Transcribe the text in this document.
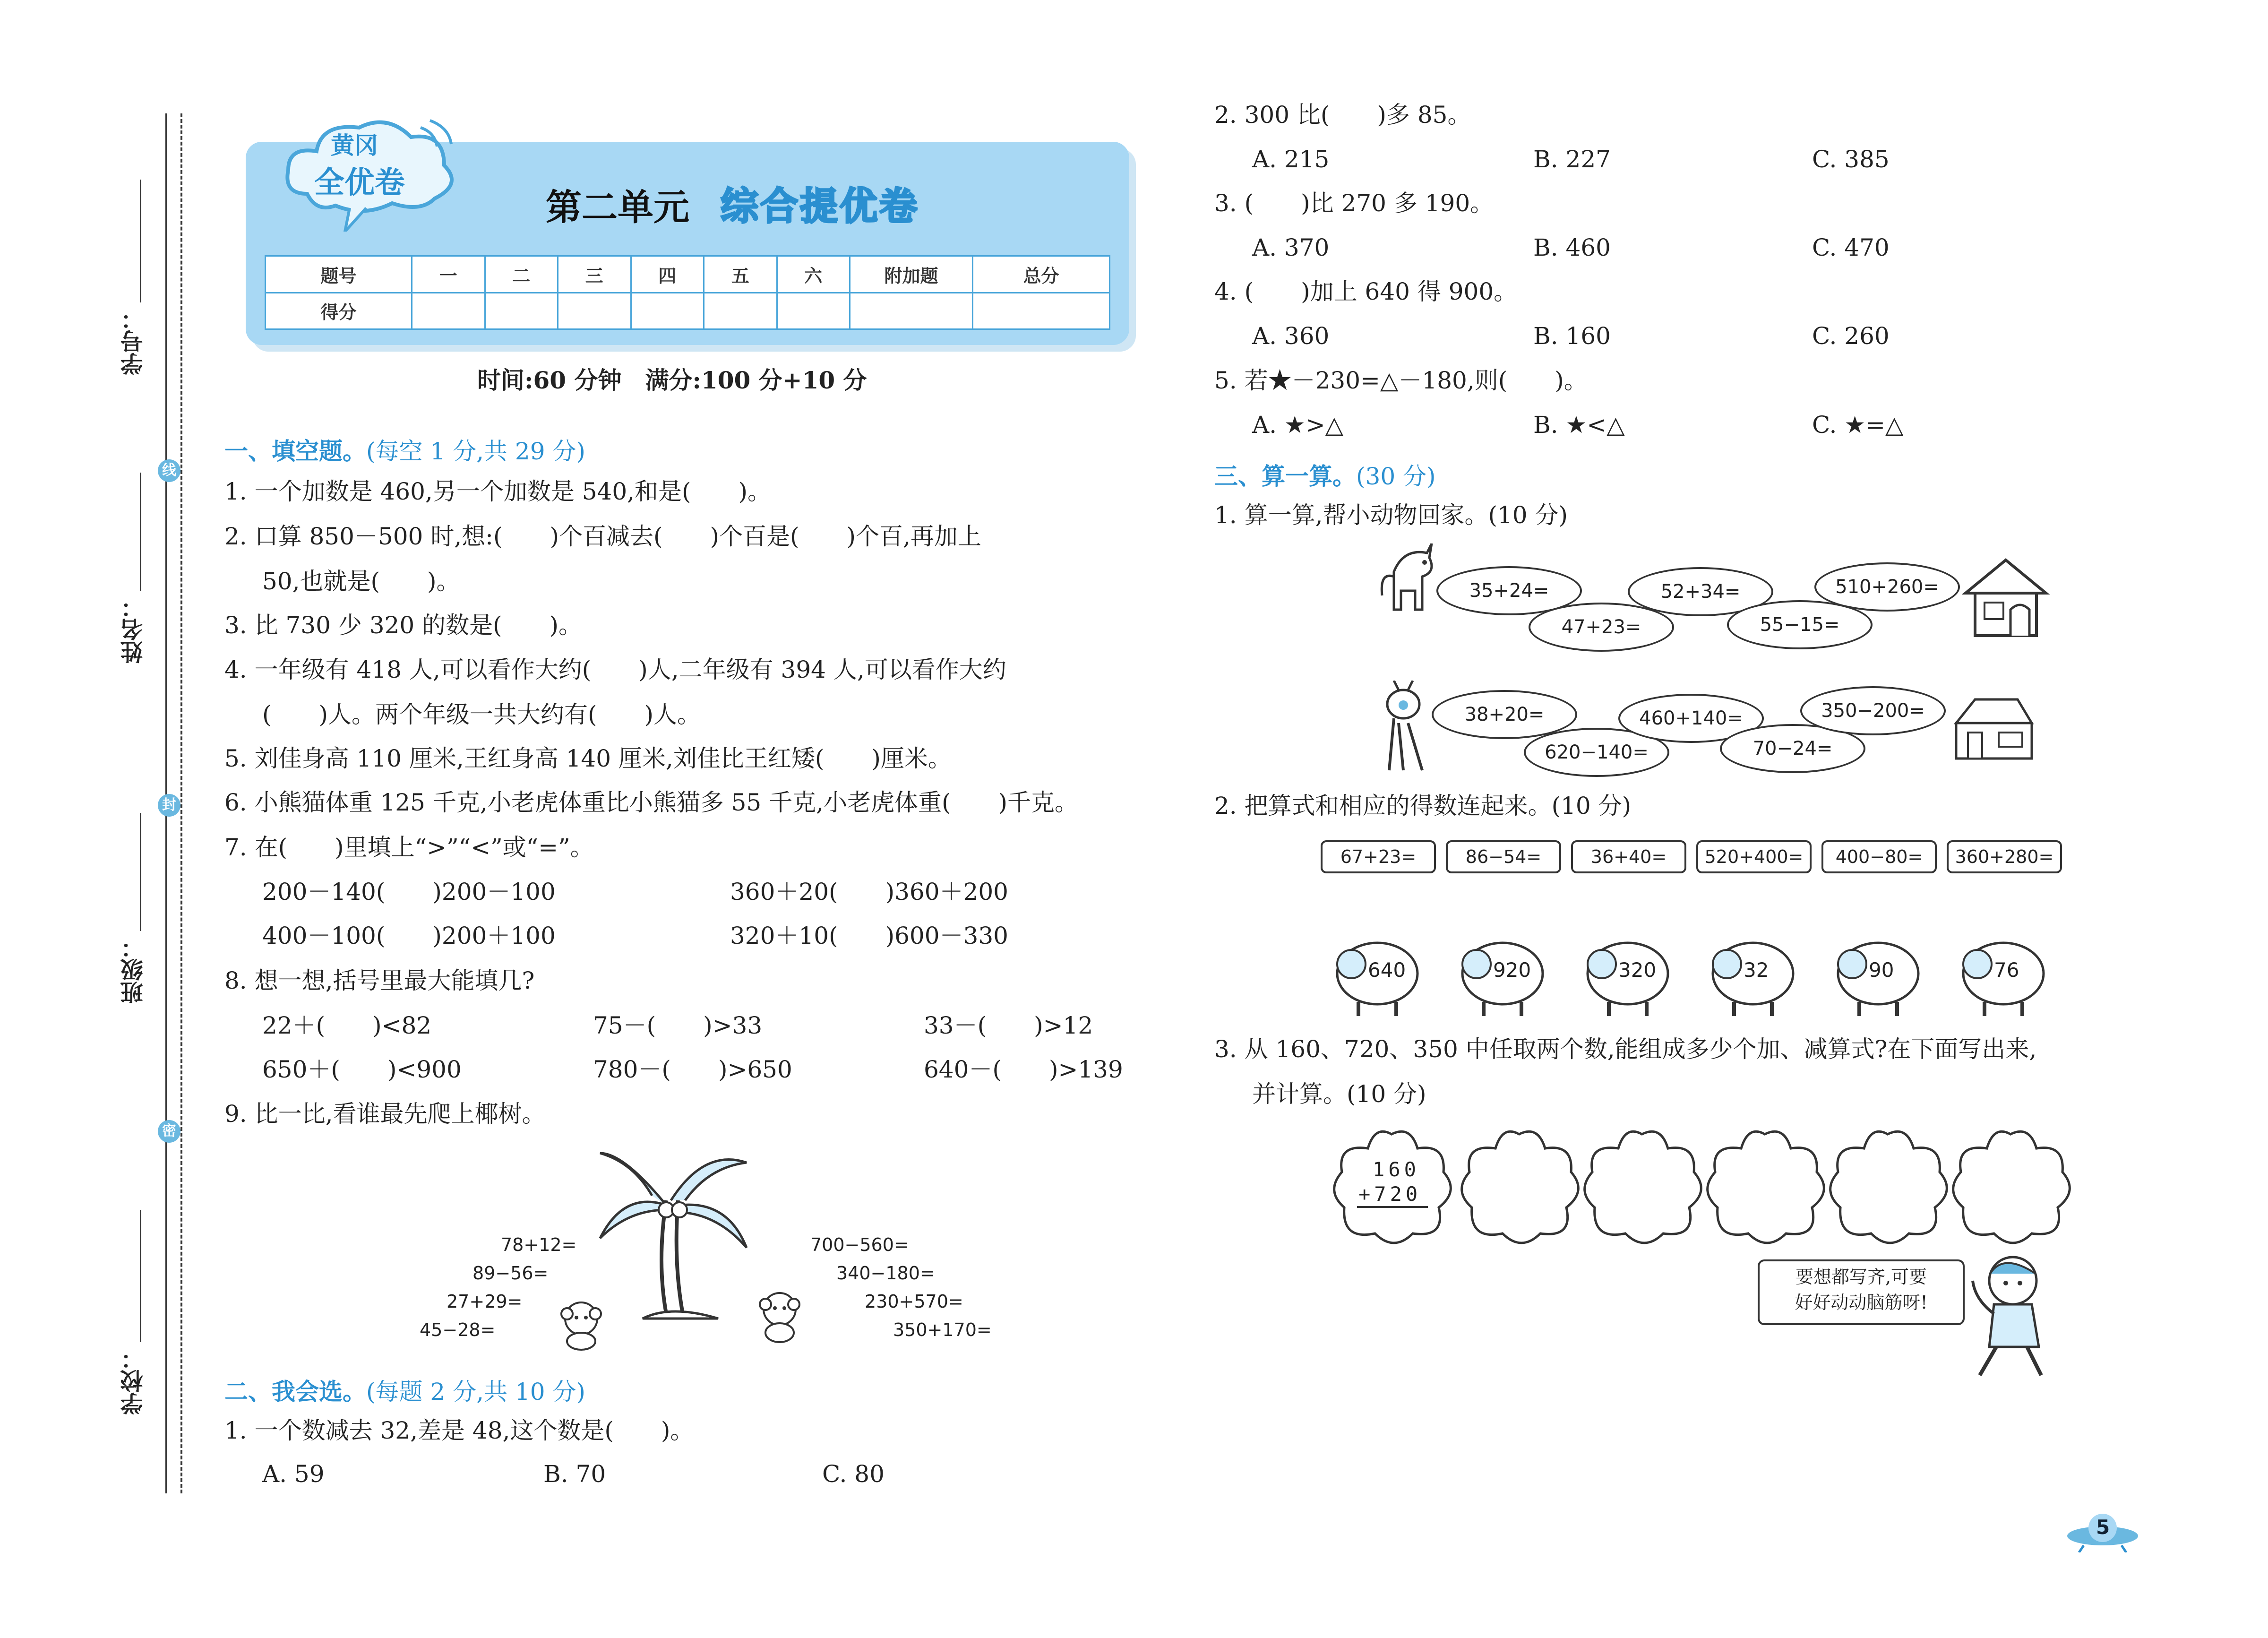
学号：
姓名：
班级：
学校：
线
封
密
黄冈
全优卷
第二单元 综合提优卷
题号	一	二	三	四	五	六	附加题	总分
得分								
时间:60 分钟　满分:100 分+10 分
一、填空题。(每空 1 分,共 29 分)
1. 一个加数是 460,另一个加数是 540,和是(　　)。
2. 口算 850－500 时,想:(　　)个百减去(　　)个百是(　　)个百,再加上
50,也就是(　　)。
3. 比 730 少 320 的数是(　　)。
4. 一年级有 418 人,可以看作大约(　　)人,二年级有 394 人,可以看作大约
(　　)人。两个年级一共大约有(　　)人。
5. 刘佳身高 110 厘米,王红身高 140 厘米,刘佳比王红矮(　　)厘米。
6. 小熊猫体重 125 千克,小老虎体重比小熊猫多 55 千克,小老虎体重(　　)千克。
7. 在(　　)里填上“>”“<”或“=”。
200－140(　　)200－100	360＋20(　　)360＋200
400－100(　　)200＋100	320＋10(　　)600－330
8. 想一想,括号里最大能填几?
22＋(　　)<82	75－(　　)>33	33－(　　)>12
650＋(　　)<900	780－(　　)>650	640－(　　)>139
9. 比一比,看谁最先爬上椰树。
78+12=
89−56=
27+29=
45−28=
700−560=
340−180=
230+570=
350+170=
二、我会选。(每题 2 分,共 10 分)
1. 一个数减去 32,差是 48,这个数是(　　)。
A. 59	B. 70	C. 80
2. 300 比(　　)多 85。
A. 215	B. 227	C. 385
3. (　　)比 270 多 190。
A. 370	B. 460	C. 470
4. (　　)加上 640 得 900。
A. 360	B. 160	C. 260
5. 若★－230=△－180,则(　　)。
A. ★>△	B. ★<△	C. ★=△
三、算一算。(30 分)
1. 算一算,帮小动物回家。(10 分)
35+24=
47+23=
52+34=
55−15=
510+260=
38+20=
620−140=
460+140=
70−24=
350−200=
2. 把算式和相应的得数连起来。(10 分)
67+23=	86−54=	36+40=	520+400=	400−80=	360+280=
640	920	320	32	90	76
3. 从 160、720、350 中任取两个数,能组成多少个加、减算式?在下面写出来,
并计算。(10 分)
160
+720
要想都写齐,可要
好好动动脑筋呀!
5
